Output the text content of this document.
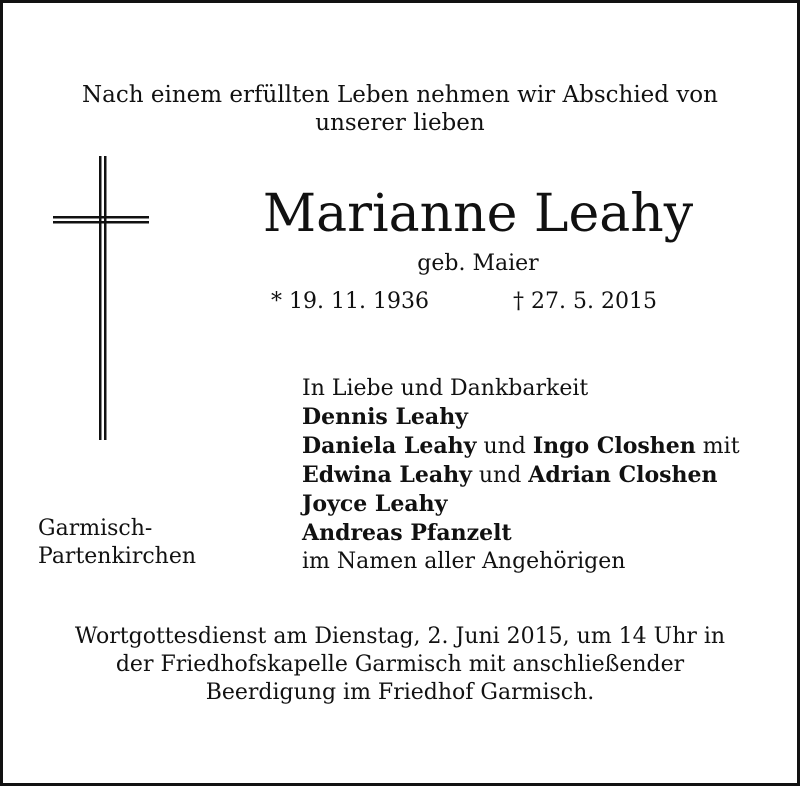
Nach einem erfüllten Leben nehmen wir Abschied von
unserer lieben
Marianne Leahy
geb. Maier
* 19. 11. 1936	† 27. 5. 2015
In Liebe und Dankbarkeit
Dennis Leahy
Daniela Leahy und Ingo Closhen mit
Edwina Leahy und Adrian Closhen
Joyce Leahy
Andreas Pfanzelt
im Namen aller Angehörigen
Garmisch-
Partenkirchen
Wortgottesdienst am Dienstag, 2. Juni 2015, um 14 Uhr in
der Friedhofskapelle Garmisch mit anschließender
Beerdigung im Friedhof Garmisch.
